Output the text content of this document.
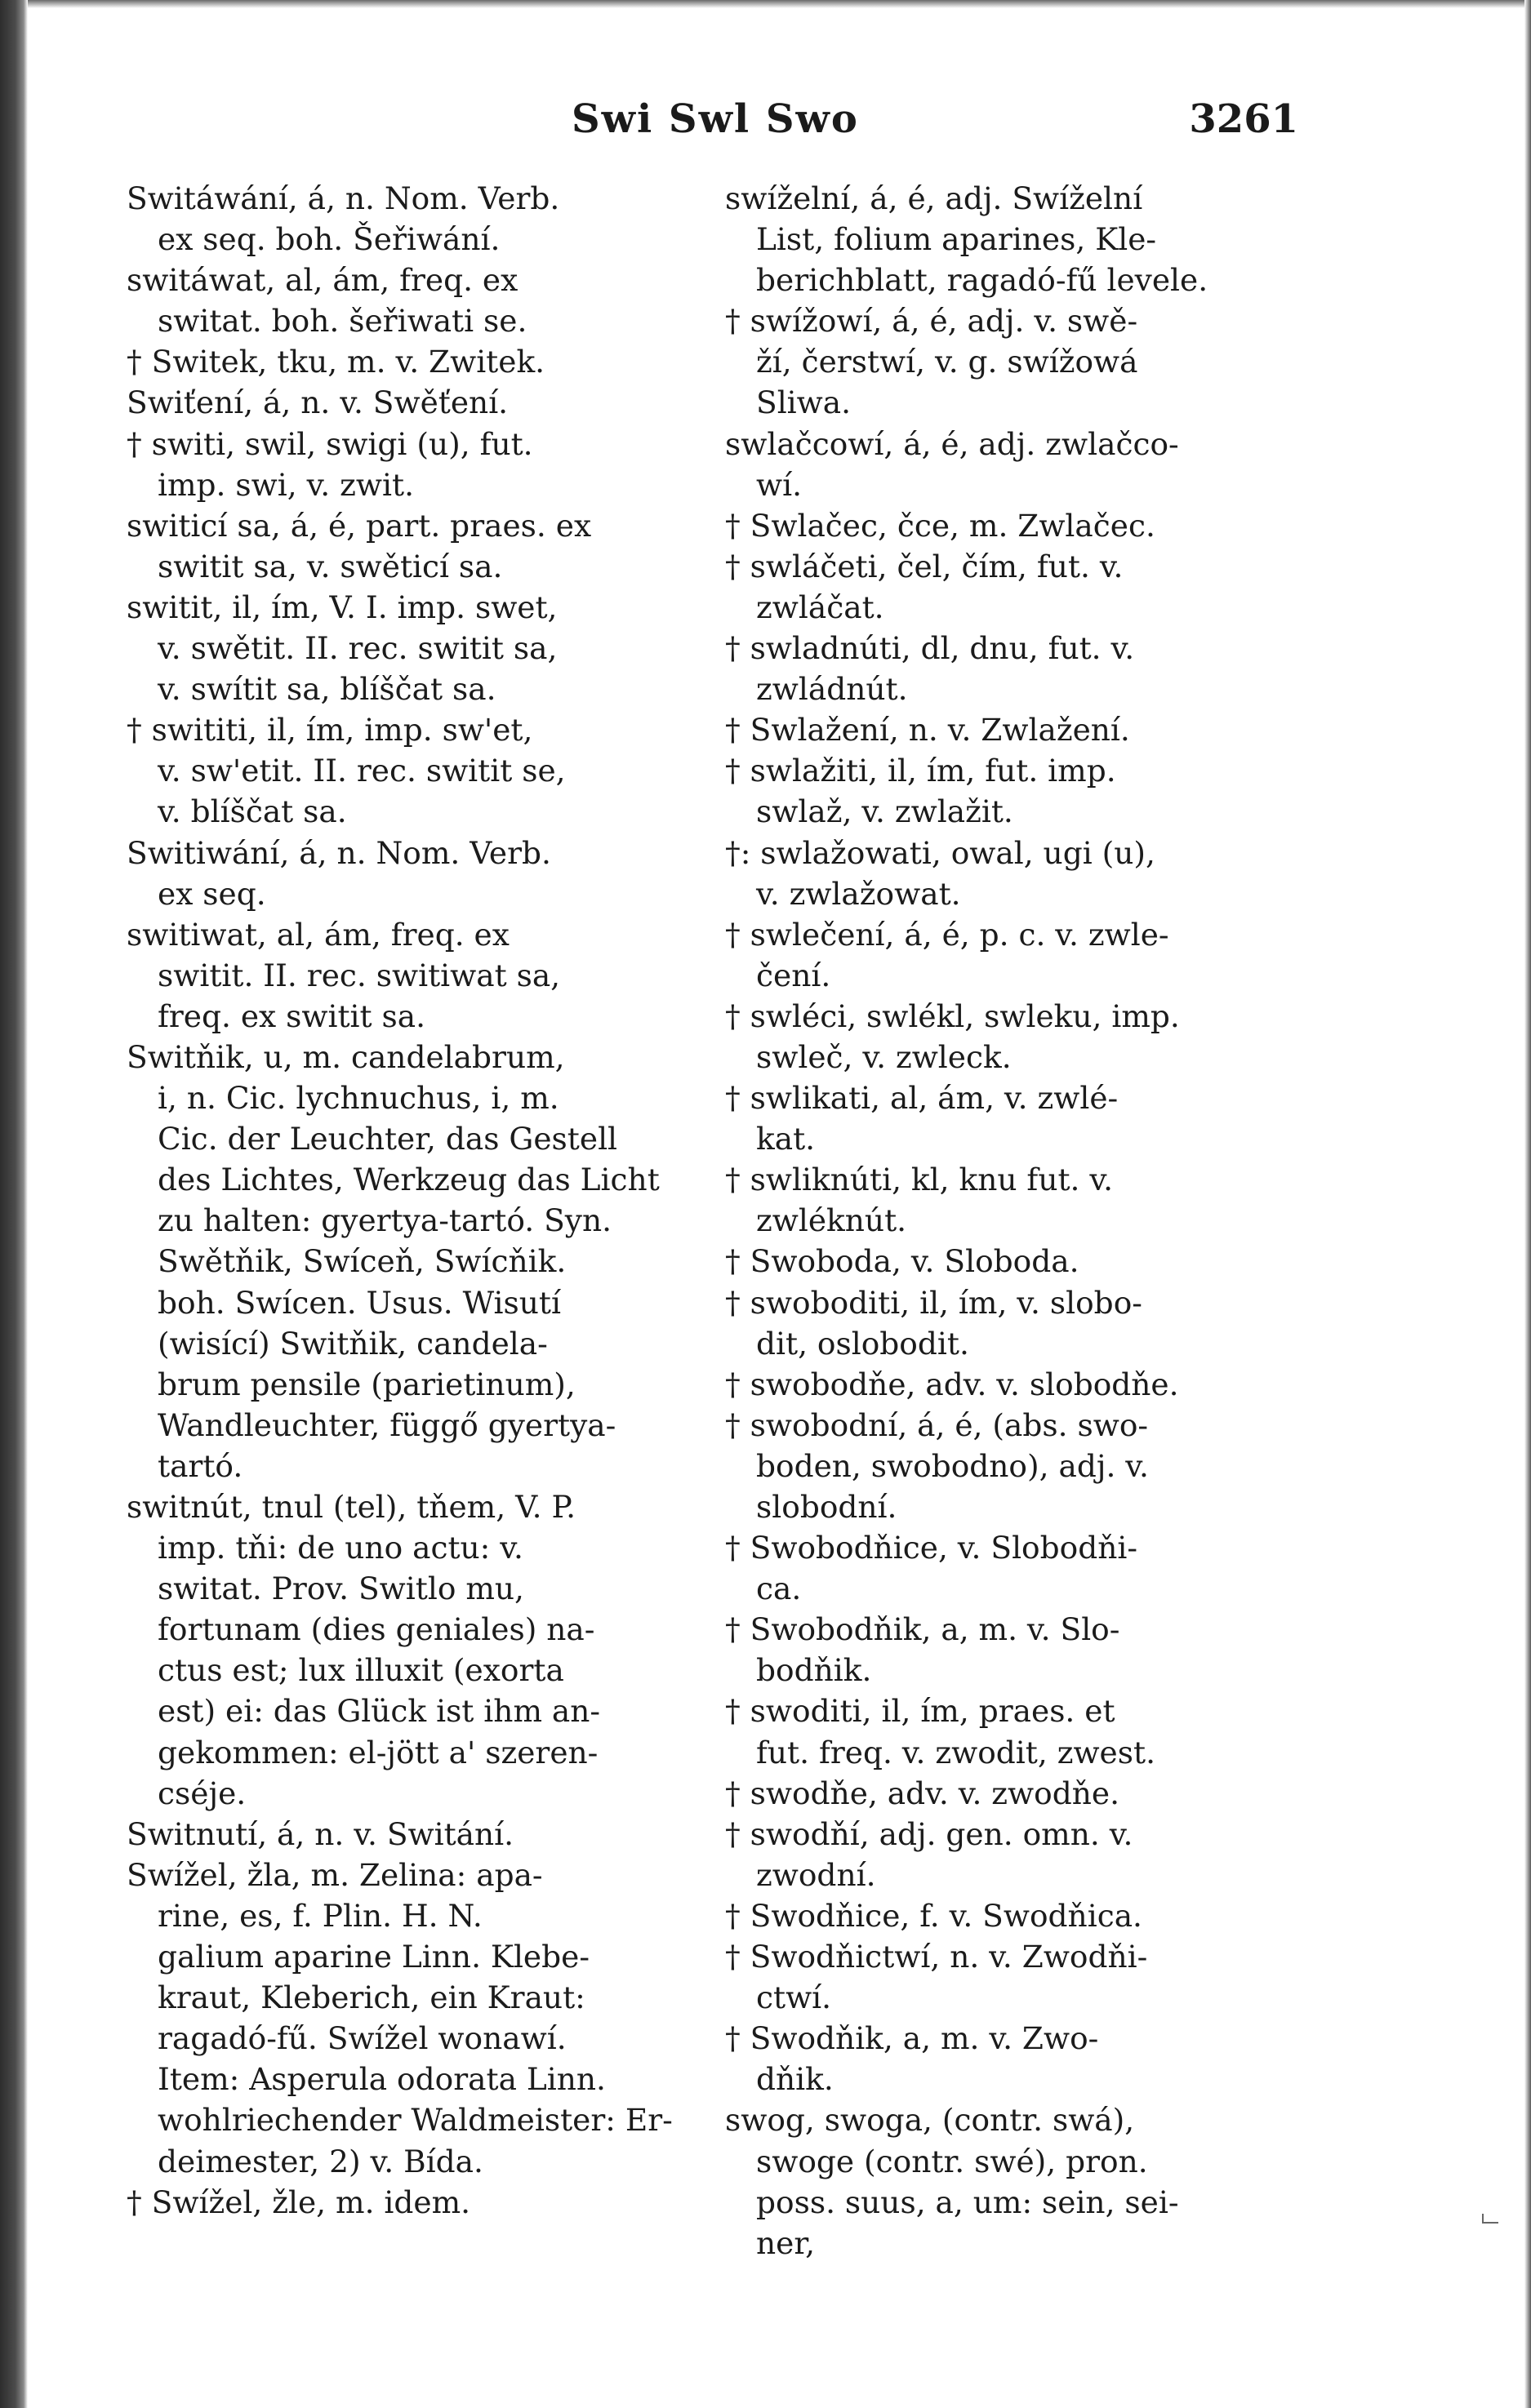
Swi Swl Swo	3261
Switáwání, á, n. Nom. Verb.
ex seq. boh. Šeřiwání.
switáwat, al, ám, freq. ex
switat. boh. šeřiwati se.
† Switek, tku, m. v. Zwitek.
Swiťení, á, n. v. Swěťení.
† switi, swil, swigi (u), fut.
imp. swi, v. zwit.
switicí sa, á, é, part. praes. ex
switit sa, v. swěticí sa.
switit, il, ím, V. I. imp. swet,
v. swětit. II. rec. switit sa,
v. swítit sa, blíščat sa.
† swititi, il, ím, imp. sw'et,
v. sw'etit. II. rec. switit se,
v. blíščat sa.
Switiwání, á, n. Nom. Verb.
ex seq.
switiwat, al, ám, freq. ex
switit. II. rec. switiwat sa,
freq. ex switit sa.
Switňik, u, m. candelabrum,
i, n. Cic. lychnuchus, i, m.
Cic. der Leuchter, das Gestell
des Lichtes, Werkzeug das Licht
zu halten: gyertya-tartó. Syn.
Swětňik, Swíceň, Swícňik.
boh. Swícen. Usus. Wisutí
(wisící) Switňik, candela-
brum pensile (parietinum),
Wandleuchter, függő gyertya-
tartó.
switnút, tnul (tel), tňem, V. P.
imp. tňi: de uno actu: v.
switat. Prov. Switlo mu,
fortunam (dies geniales) na-
ctus est; lux illuxit (exorta
est) ei: das Glück ist ihm an-
gekommen: el-jött a' szeren-
cséje.
Switnutí, á, n. v. Switání.
Swížel, žla, m. Zelina: apa-
rine, es, f. Plin. H. N.
galium aparine Linn. Klebe-
kraut, Kleberich, ein Kraut:
ragadó-fű. Swížel wonawí.
Item: Asperula odorata Linn.
wohlriechender Waldmeister: Er-
deimester, 2) v. Bída.
† Swížel, žle, m. idem.
swíželní, á, é, adj. Swíželní
List, folium aparines, Kle-
berichblatt, ragadó-fű levele.
† swížowí, á, é, adj. v. swě-
ží, čerstwí, v. g. swížowá
Sliwa.
swlačcowí, á, é, adj. zwlačco-
wí.
† Swlačec, čce, m. Zwlačec.
† swláčeti, čel, čím, fut. v.
zwláčat.
† swladnúti, dl, dnu, fut. v.
zwládnút.
† Swlažení, n. v. Zwlažení.
† swlažiti, il, ím, fut. imp.
swlaž, v. zwlažit.
†: swlažowati, owal, ugi (u),
v. zwlažowat.
† swlečení, á, é, p. c. v. zwle-
čení.
† swléci, swlékl, swleku, imp.
swleč, v. zwleck.
† swlikati, al, ám, v. zwlé-
kat.
† swliknúti, kl, knu fut. v.
zwléknút.
† Swoboda, v. Sloboda.
† swoboditi, il, ím, v. slobo-
dit, oslobodit.
† swobodňe, adv. v. slobodňe.
† swobodní, á, é, (abs. swo-
boden, swobodno), adj. v.
slobodní.
† Swobodňice, v. Slobodňi-
ca.
† Swobodňik, a, m. v. Slo-
bodňik.
† swoditi, il, ím, praes. et
fut. freq. v. zwodit, zwest.
† swodňe, adv. v. zwodňe.
† swodňí, adj. gen. omn. v.
zwodní.
† Swodňice, f. v. Swodňica.
† Swodňictwí, n. v. Zwodňi-
ctwí.
† Swodňik, a, m. v. Zwo-
dňik.
swog, swoga, (contr. swá),
swoge (contr. swé), pron.
poss. suus, a, um: sein, sei-
ner,
